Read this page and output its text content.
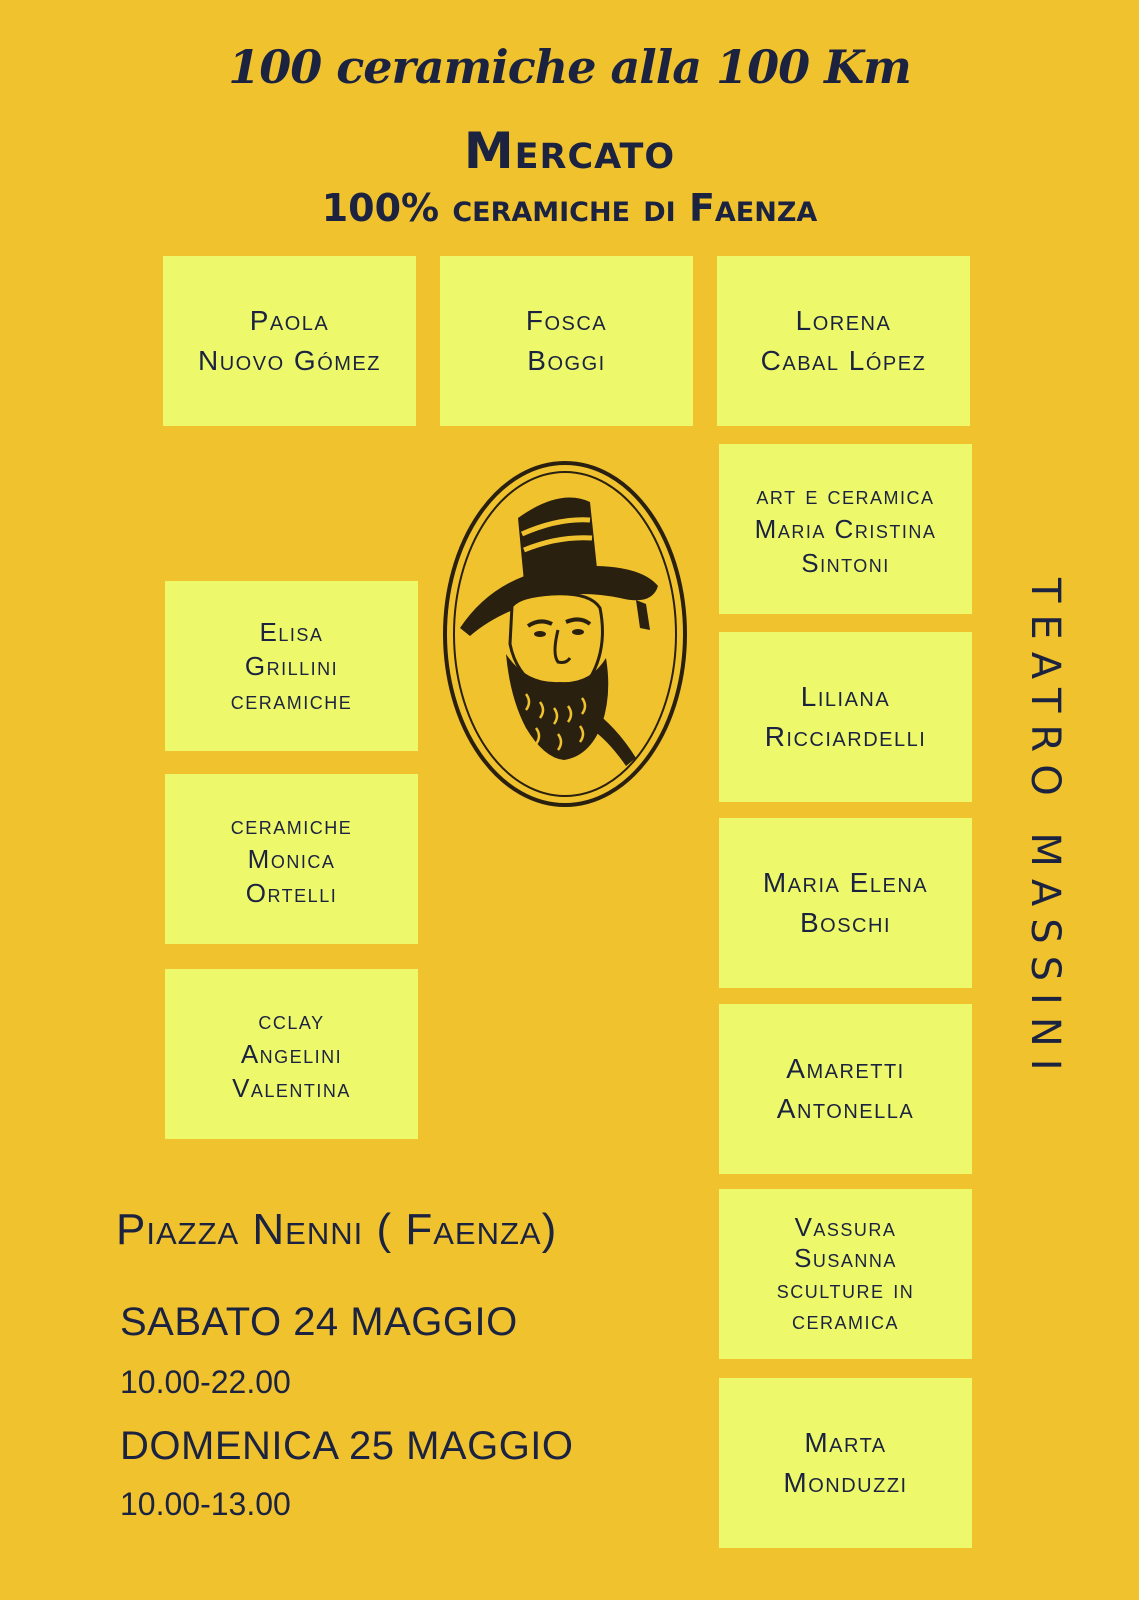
100 ceramiche alla 100 Km
Mercato
100% ceramiche di Faenza
Paola
Nuovo Gómez
Fosca
Boggi
Lorena
Cabal López
art e ceramica
Maria Cristina
Sintoni
Liliana
Ricciardelli
Maria Elena
Boschi
Amaretti
Antonella
Vassura
Susanna
sculture in
ceramica
Marta
Monduzzi
Elisa
Grillini
ceramiche
ceramiche
Monica
Ortelli
cclay
Angelini
Valentina
TEATRO MASSINI
Piazza Nenni ( Faenza)
SABATO 24 MAGGIO
10.00-22.00
DOMENICA 25 MAGGIO
10.00-13.00
